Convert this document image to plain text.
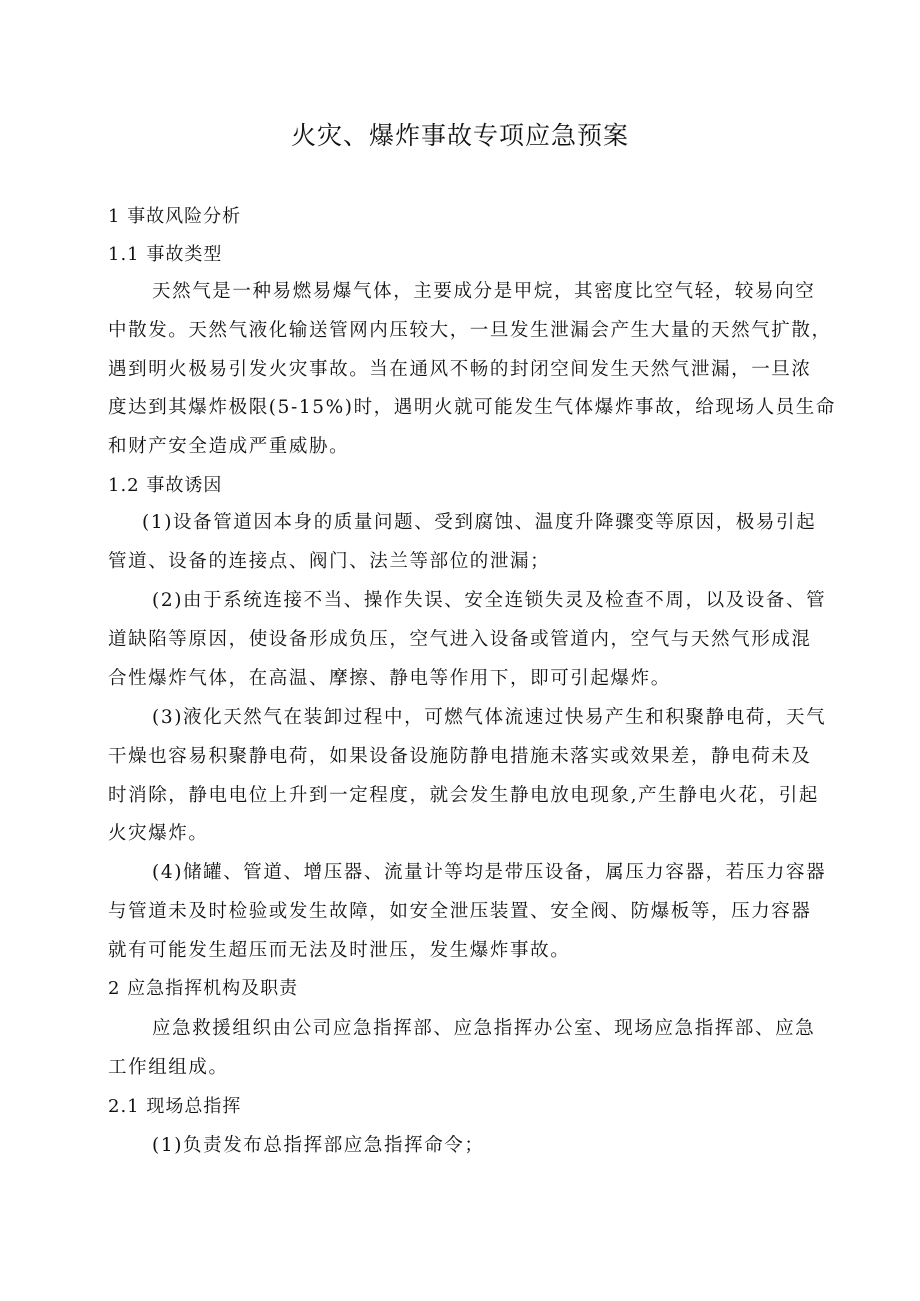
火灾、爆炸事故专项应急预案
1 事故风险分析
1.1 事故类型
天然气是一种易燃易爆气体，主要成分是甲烷，其密度比空气轻，较易向空
中散发。天然气液化输送管网内压较大，一旦发生泄漏会产生大量的天然气扩散，
遇到明火极易引发火灾事故。当在通风不畅的封闭空间发生天然气泄漏，一旦浓
度达到其爆炸极限(5-15%)时，遇明火就可能发生气体爆炸事故，给现场人员生命
和财产安全造成严重威胁。
1.2 事故诱因
(1)设备管道因本身的质量问题、受到腐蚀、温度升降骤变等原因，极易引起
管道、设备的连接点、阀门、法兰等部位的泄漏；
(2)由于系统连接不当、操作失误、安全连锁失灵及检查不周，以及设备、管
道缺陷等原因，使设备形成负压，空气进入设备或管道内，空气与天然气形成混
合性爆炸气体，在高温、摩擦、静电等作用下，即可引起爆炸。
(3)液化天然气在装卸过程中，可燃气体流速过快易产生和积聚静电荷，天气
干燥也容易积聚静电荷，如果设备设施防静电措施未落实或效果差，静电荷未及
时消除，静电电位上升到一定程度，就会发生静电放电现象,产生静电火花，引起
火灾爆炸。
(4)储罐、管道、增压器、流量计等均是带压设备，属压力容器，若压力容器
与管道未及时检验或发生故障，如安全泄压装置、安全阀、防爆板等，压力容器
就有可能发生超压而无法及时泄压，发生爆炸事故。
2 应急指挥机构及职责
应急救援组织由公司应急指挥部、应急指挥办公室、现场应急指挥部、应急
工作组组成。
2.1 现场总指挥
(1)负责发布总指挥部应急指挥命令；
